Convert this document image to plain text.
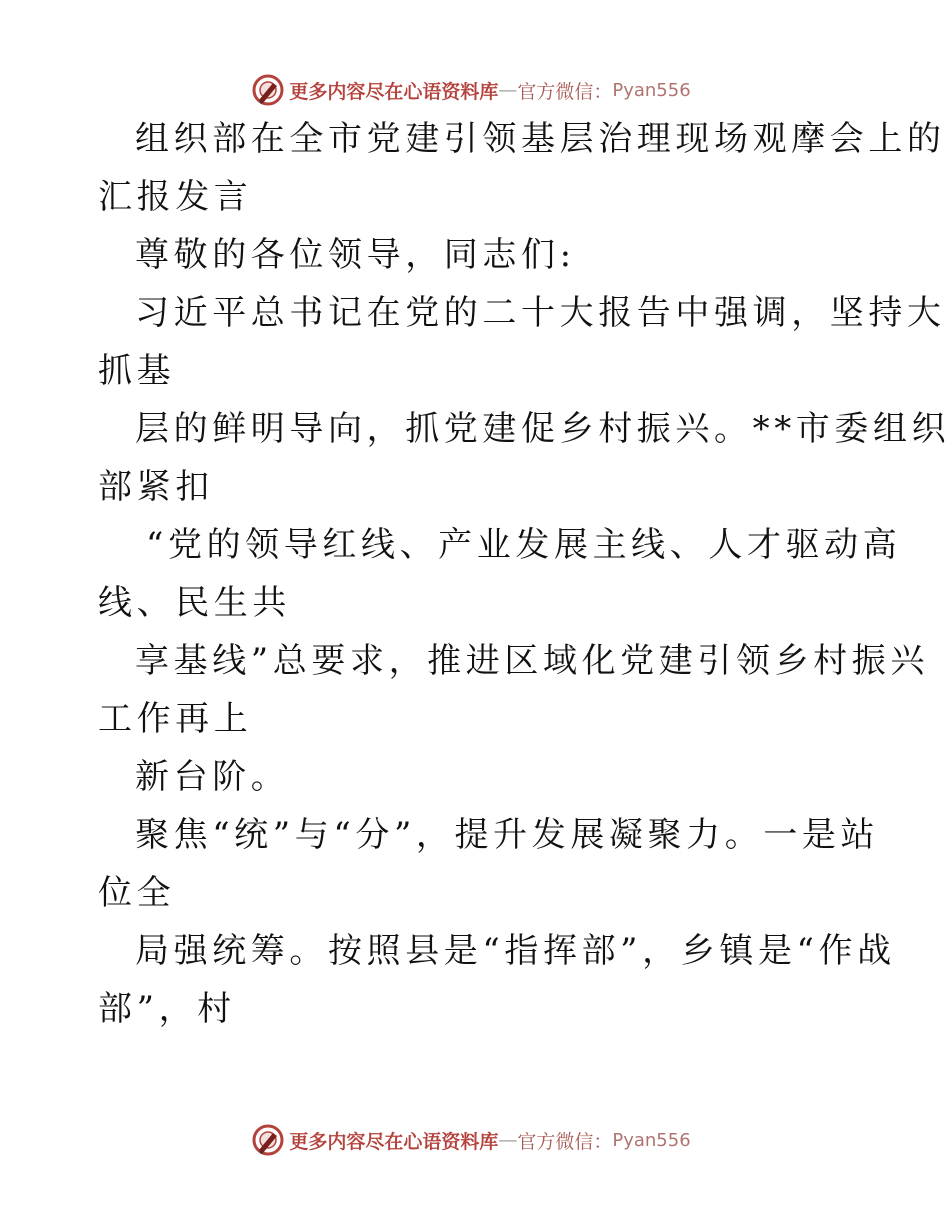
更多内容尽在心语资料库 — 官方微信： Pyan556
组织部在全市党建引领基层治理现场观摩会上的
汇报发言
尊敬的各位领导，同志们:
习近平总书记在党的二十大报告中强调，坚持大
抓基
层的鲜明导向，抓党建促乡村振兴。**市委组织
部紧扣
“党的领导红线、产业发展主线、人才驱动高
线、民生共
享基线”总要求，推进区域化党建引领乡村振兴
工作再上
新台阶。
聚焦“统”与“分”，提升发展凝聚力。一是站
位全
局强统筹。按照县是“指挥部”，乡镇是“作战
部”，村
更多内容尽在心语资料库 — 官方微信： Pyan556
